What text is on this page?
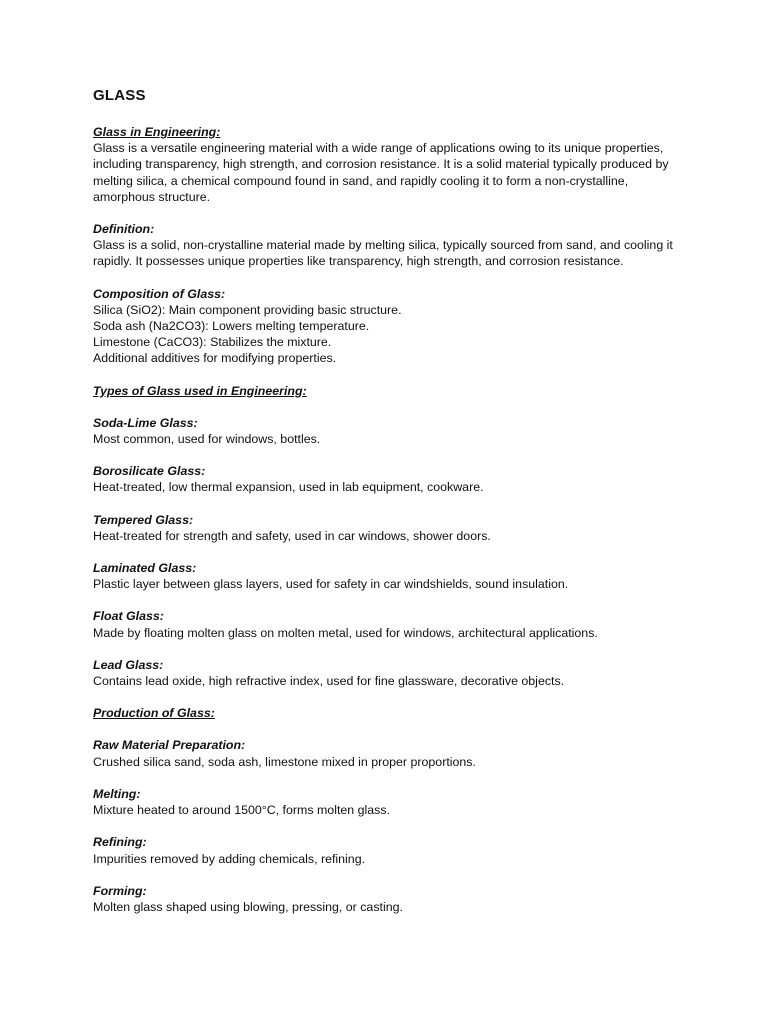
GLASS
Glass in Engineering:
Glass is a versatile engineering material with a wide range of applications owing to its unique properties, including transparency, high strength, and corrosion resistance. It is a solid material typically produced by melting silica, a chemical compound found in sand, and rapidly cooling it to form a non-crystalline, amorphous structure.
Definition:
Glass is a solid, non-crystalline material made by melting silica, typically sourced from sand, and cooling it rapidly. It possesses unique properties like transparency, high strength, and corrosion resistance.
Composition of Glass:
Silica (SiO2): Main component providing basic structure.
Soda ash (Na2CO3): Lowers melting temperature.
Limestone (CaCO3): Stabilizes the mixture.
Additional additives for modifying properties.
Types of Glass used in Engineering:
Soda-Lime Glass:
Most common, used for windows, bottles.
Borosilicate Glass:
Heat-treated, low thermal expansion, used in lab equipment, cookware.
Tempered Glass:
Heat-treated for strength and safety, used in car windows, shower doors.
Laminated Glass:
Plastic layer between glass layers, used for safety in car windshields, sound insulation.
Float Glass:
Made by floating molten glass on molten metal, used for windows, architectural applications.
Lead Glass:
Contains lead oxide, high refractive index, used for fine glassware, decorative objects.
Production of Glass:
Raw Material Preparation:
Crushed silica sand, soda ash, limestone mixed in proper proportions.
Melting:
Mixture heated to around 1500°C, forms molten glass.
Refining:
Impurities removed by adding chemicals, refining.
Forming:
Molten glass shaped using blowing, pressing, or casting.
